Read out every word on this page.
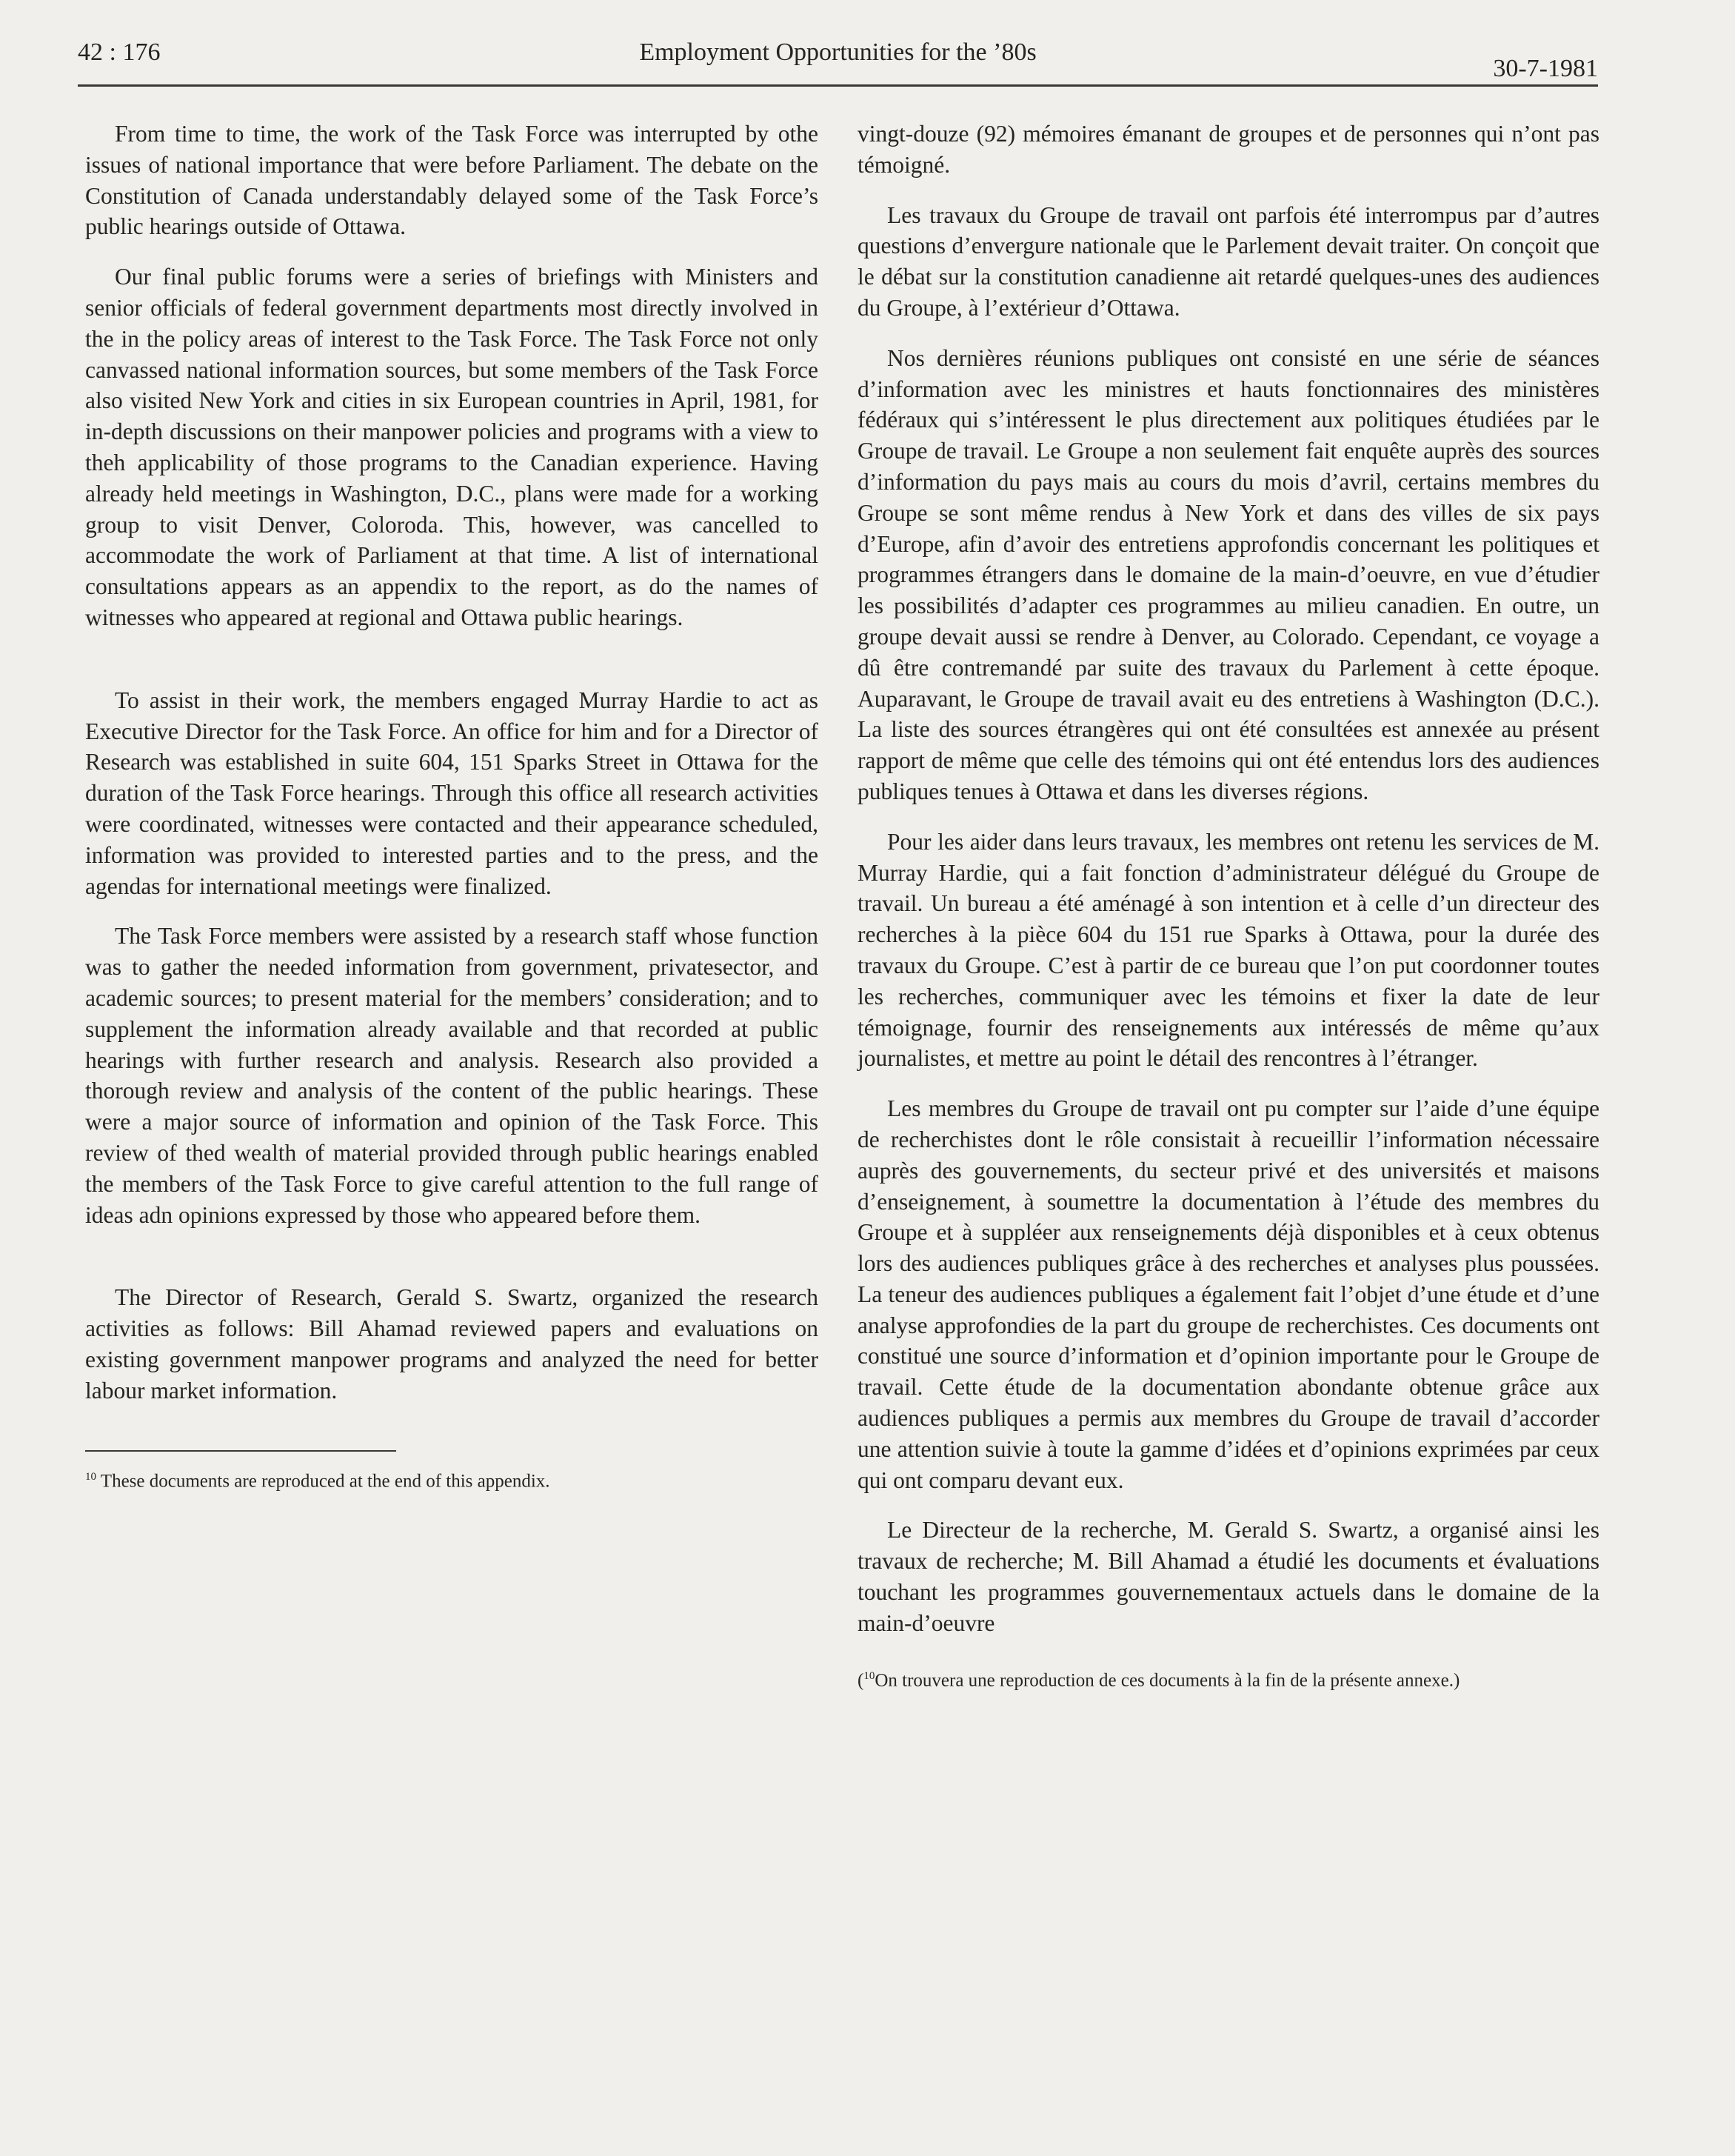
42 : 176	Employment Opportunities for the ’80s
30-7-1981

From time to time, the work of the Task Force was interrupted by othe issues of national importance that were before Parliament. The debate on the Constitution of Canada understandably delayed some of the Task Force’s public hearings outside of Ottawa.

Our final public forums were a series of briefings with Ministers and senior officials of federal government departments most directly involved in the in the policy areas of interest to the Task Force. The Task Force not only canvassed national information sources, but some members of the Task Force also visited New York and cities in six European countries in April, 1981, for in-depth discussions on their manpower policies and programs with a view to theh applicability of those programs to the Canadian experience. Having already held meetings in Washington, D.C., plans were made for a working group to visit Denver, Coloroda. This, however, was cancelled to accommodate the work of Parliament at that time. A list of international consultations appears as an appendix to the report, as do the names of witnesses who appeared at regional and Ottawa public hearings.

To assist in their work, the members engaged Murray Hardie to act as Executive Director for the Task Force. An office for him and for a Director of Research was established in suite 604, 151 Sparks Street in Ottawa for the duration of the Task Force hearings. Through this office all research activities were coordinated, witnesses were contacted and their appearance scheduled, information was provided to interested parties and to the press, and the agendas for international meetings were finalized.

The Task Force members were assisted by a research staff whose function was to gather the needed information from government, privatesector, and academic sources; to present material for the members’ consideration; and to supplement the information already available and that recorded at public hearings with further research and analysis. Research also provided a thorough review and analysis of the content of the public hearings. These were a major source of information and opinion of the Task Force. This review of thed wealth of material provided through public hearings enabled the members of the Task Force to give careful attention to the full range of ideas adn opinions expressed by those who appeared before them.

The Director of Research, Gerald S. Swartz, organized the research activities as follows: Bill Ahamad reviewed papers and evaluations on existing government manpower programs and analyzed the need for better labour market information.

$^{10}$ These documents are reproduced at the end of this appendix.

vingt-douze (92) mémoires émanant de groupes et de personnes qui n’ont pas témoigné.

Les travaux du Groupe de travail ont parfois été interrompus par d’autres questions d’envergure nationale que le Parlement devait traiter. On conçoit que le débat sur la constitution canadienne ait retardé quelques-unes des audiences du Groupe, à l’extérieur d’Ottawa.

Nos dernières réunions publiques ont consisté en une série de séances d’information avec les ministres et hauts fonctionnaires des ministères fédéraux qui s’intéressent le plus directement aux politiques étudiées par le Groupe de travail. Le Groupe a non seulement fait enquête auprès des sources d’information du pays mais au cours du mois d’avril, certains membres du Groupe se sont même rendus à New York et dans des villes de six pays d’Europe, afin d’avoir des entretiens approfondis concernant les politiques et programmes étrangers dans le domaine de la main-d’oeuvre, en vue d’étudier les possibilités d’adapter ces programmes au milieu canadien. En outre, un groupe devait aussi se rendre à Denver, au Colorado. Cependant, ce voyage a dû être contremandé par suite des travaux du Parlement à cette époque. Auparavant, le Groupe de travail avait eu des entretiens à Washington (D.C.). La liste des sources étrangères qui ont été consultées est annexée au présent rapport de même que celle des témoins qui ont été entendus lors des audiences publiques tenues à Ottawa et dans les diverses régions.

Pour les aider dans leurs travaux, les membres ont retenu les services de M. Murray Hardie, qui a fait fonction d’administrateur délégué du Groupe de travail. Un bureau a été aménagé à son intention et à celle d’un directeur des recherches à la pièce 604 du 151 rue Sparks à Ottawa, pour la durée des travaux du Groupe. C’est à partir de ce bureau que l’on put coordonner toutes les recherches, communiquer avec les témoins et fixer la date de leur témoignage, fournir des renseignements aux intéressés de même qu’aux journalistes, et mettre au point le détail des rencontres à l’étranger.

Les membres du Groupe de travail ont pu compter sur l’aide d’une équipe de recherchistes dont le rôle consistait à recueillir l’information nécessaire auprès des gouvernements, du secteur privé et des universités et maisons d’enseignement, à soumettre la documentation à l’étude des membres du Groupe et à suppléer aux renseignements déjà disponibles et à ceux obtenus lors des audiences publiques grâce à des recherches et analyses plus poussées. La teneur des audiences publiques a également fait l’objet d’une étude et d’une analyse approfondies de la part du groupe de recherchistes. Ces documents ont constitué une source d’information et d’opinion importante pour le Groupe de travail. Cette étude de la documentation abondante obtenue grâce aux audiences publiques a permis aux membres du Groupe de travail d’accorder une attention suivie à toute la gamme d’idées et d’opinions exprimées par ceux qui ont comparu devant eux.

Le Directeur de la recherche, M. Gerald S. Swartz, a organisé ainsi les travaux de recherche; M. Bill Ahamad a étudié les documents et évaluations touchant les programmes gouvernementaux actuels dans le domaine de la main-d’oeuvre

($^{10}$On trouvera une reproduction de ces documents à la fin de la présente annexe.)
